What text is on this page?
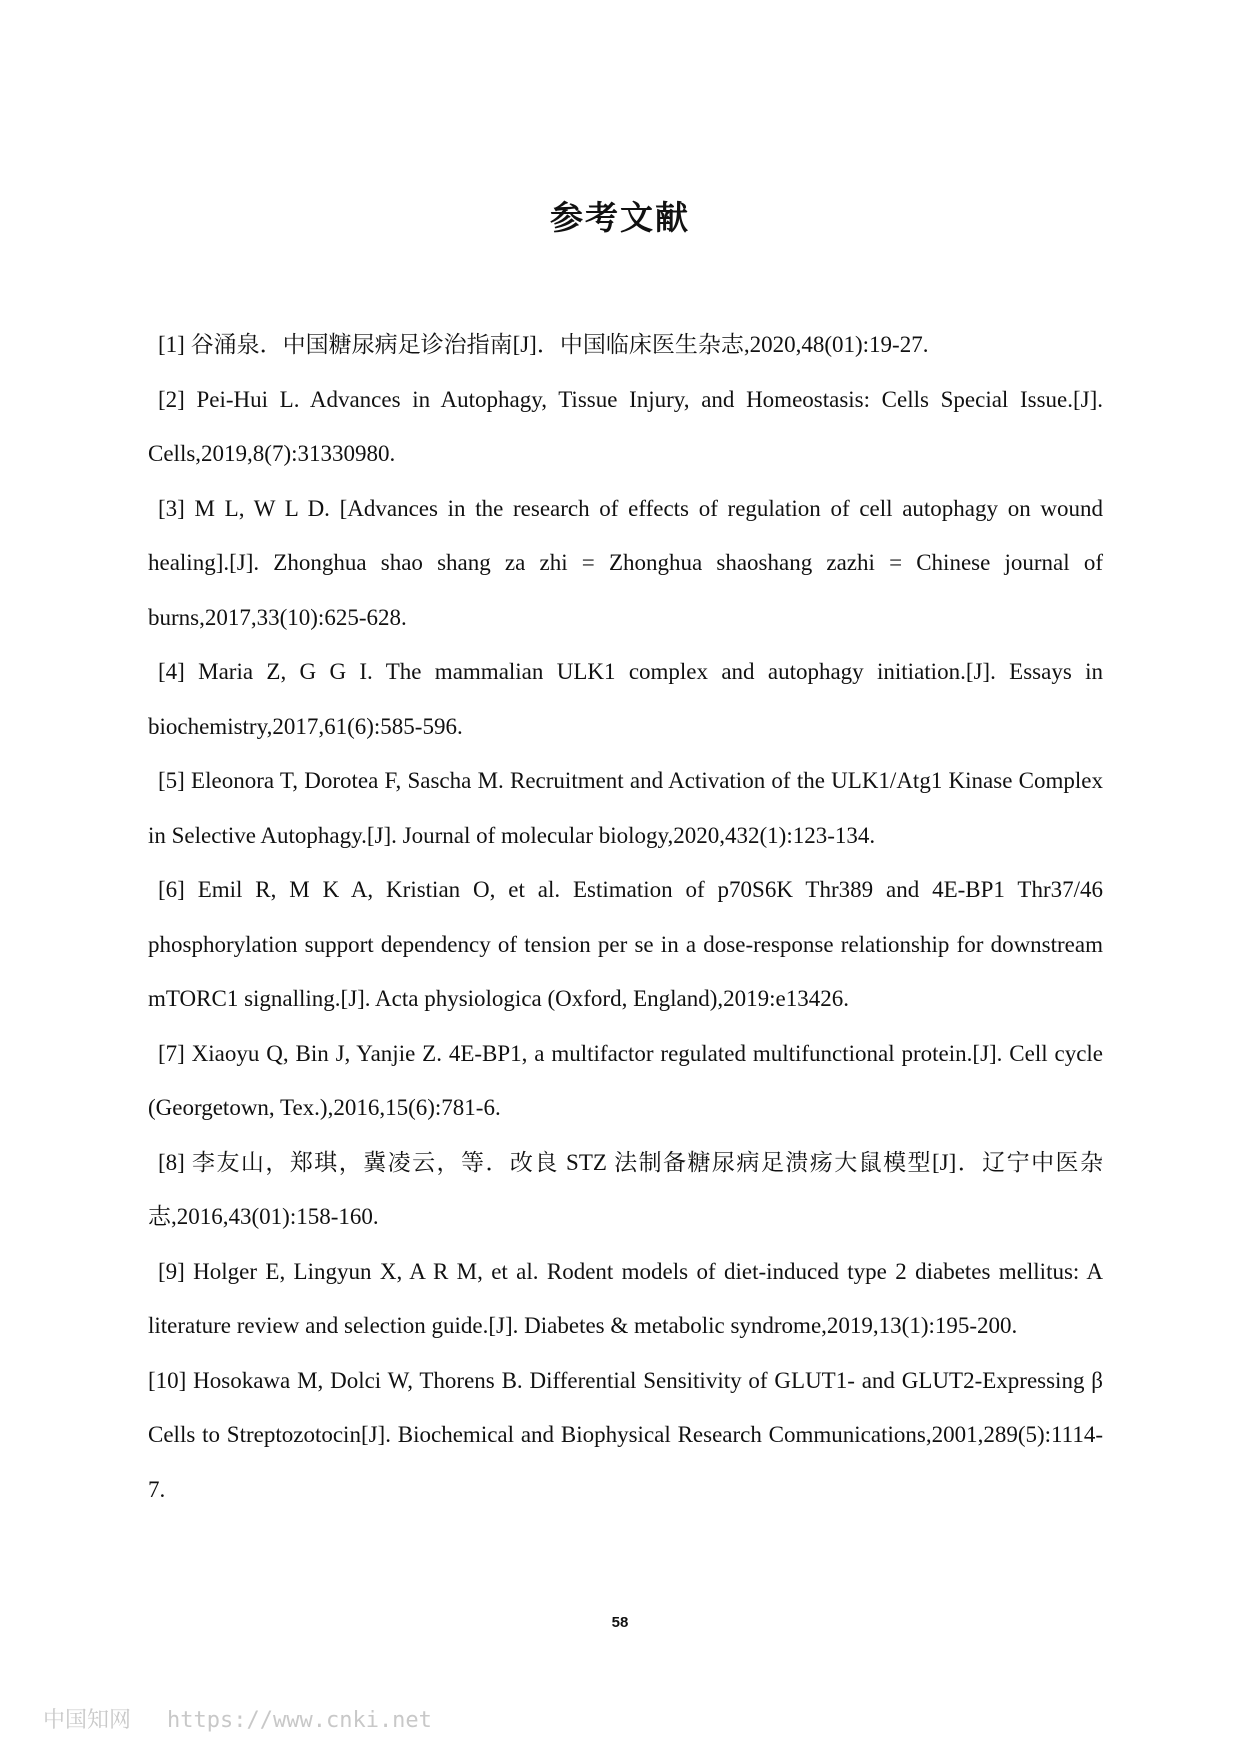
参考文献

[1] 谷涌泉．中国糖尿病足诊治指南[J]．中国临床医生杂志,2020,48(01):19-27.

[2] Pei-Hui L. Advances in Autophagy, Tissue Injury, and Homeostasis: Cells Special Issue.[J]. Cells,2019,8(7):31330980.

[3] M L, W L D. [Advances in the research of effects of regulation of cell autophagy on wound healing].[J]. Zhonghua shao shang za zhi = Zhonghua shaoshang zazhi = Chinese journal of burns,2017,33(10):625-628.

[4] Maria Z, G G I. The mammalian ULK1 complex and autophagy initiation.[J]. Essays in biochemistry,2017,61(6):585-596.

[5] Eleonora T, Dorotea F, Sascha M. Recruitment and Activation of the ULK1/Atg1 Kinase Complex in Selective Autophagy.[J]. Journal of molecular biology,2020,432(1):123-134.

[6] Emil R, M K A, Kristian O, et al. Estimation of p70S6K Thr389 and 4E-BP1 Thr37/46 phosphorylation support dependency of tension per se in a dose-response relationship for downstream mTORC1 signalling.[J]. Acta physiologica (Oxford, England),2019:e13426.

[7] Xiaoyu Q, Bin J, Yanjie Z. 4E-BP1, a multifactor regulated multifunctional protein.[J]. Cell cycle (Georgetown, Tex.),2016,15(6):781-6.

[8] 李友山，郑琪，冀凌云，等．改良 STZ 法制备糖尿病足溃疡大鼠模型[J]．辽宁中医杂志,2016,43(01):158-160.

[9] Holger E, Lingyun X, A R M, et al. Rodent models of diet-induced type 2 diabetes mellitus: A literature review and selection guide.[J]. Diabetes & metabolic syndrome,2019,13(1):195-200.

[10] Hosokawa M, Dolci W, Thorens B. Differential Sensitivity of GLUT1- and GLUT2-Expressing β Cells to Streptozotocin[J]. Biochemical and Biophysical Research Communications,2001,289(5):1114-7.

58
中国知网 https://www.cnki.net
